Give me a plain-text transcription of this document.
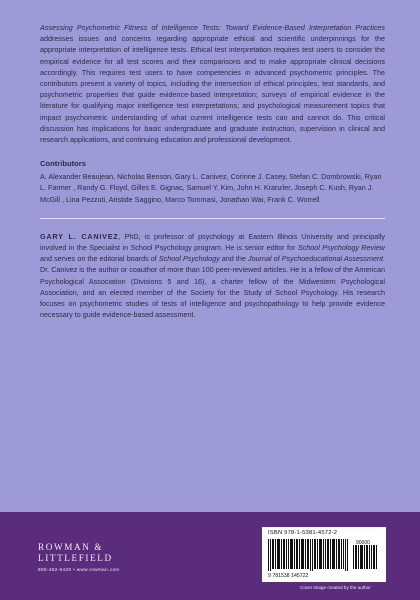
Assessing Psychometric Fitness of Intelligence Tests: Toward Evidence-Based Interpretation Practices addresses issues and concerns regarding appropriate ethical and scientific underpinnings for the appropriate interpretation of intelligence tests. Ethical test interpretation requires test users to consider the empirical evidence for all test scores and their comparisons and to make appropriate clinical decisions accordingly. This requires test users to have competencies in advanced psychometric principles. The contributors present a variety of topics, including the intersection of ethical principles, test standards, and psychometric properties that guide evidence-based interpretation; surveys of empirical evidence in the literature for qualifying major intelligence test interpretations; and psychological measurement topics that impact psychometric understanding of what current intelligence tests can and cannot do. This critical discussion has implications for basic undergraduate and graduate instruction, supervision in clinical and research applications, and continuing education and professional development.

Contributors

A. Alexander Beaujean, Nicholas Benson, Gary L. Canivez, Corinne J. Casey, Stefan C. Dombrowski, Ryan L. Farmer , Randy G. Floyd, Gilles E. Gignac, Samuel Y. Kim, John H. Kranzler, Joseph C. Kush, Ryan J. McGill , Lina Pezzuti, Aristide Saggino, Marco Tommasi, Jonathan Wai, Frank C. Worrell

GARY L. CANIVEZ, PhD, is professor of psychology at Eastern Illinois University and principally involved in the Specialist in School Psychology program. He is senior editor for School Psychology Review and serves on the editorial boards of School Psychology and the Journal of Psychoeducational Assessment. Dr. Canivez is the author or coauthor of more than 100 peer-reviewed articles. He is a fellow of the American Psychological Association (Divisions 5 and 16), a charter fellow of the Midwestern Psychological Association, and an elected member of the Society for the Study of School Psychology. His research focuses on psychometric studies of tests of intelligence and psychopathology to help provide evidence necessary to guide evidence-based assessment.

ROWMAN &
LITTLEFIELD
800-462-6420 • www.rowman.com
ISBN 978-1-5381-4572-2
90000
9 781538 145722
Cover image created by the author
